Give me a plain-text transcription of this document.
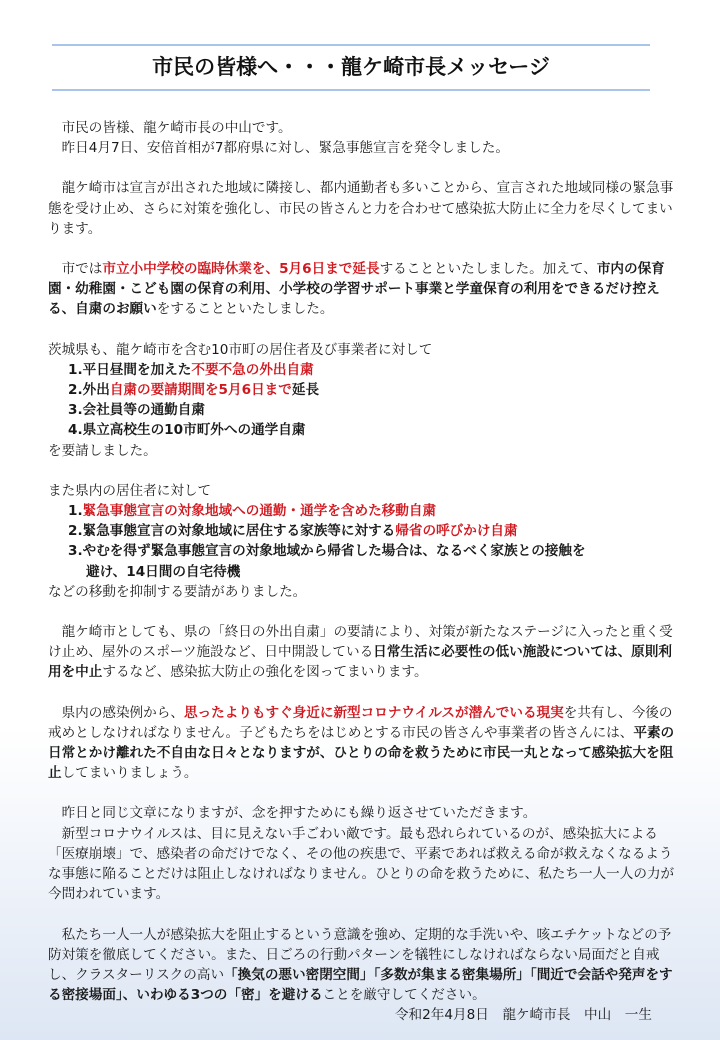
市民の皆様へ・・・龍ケ崎市長メッセージ

　市民の皆様、龍ケ崎市長の中山です。

　昨日4月7日、安倍首相が7都府県に対し、緊急事態宣言を発令しました。

　龍ケ崎市は宣言が出された地域に隣接し、都内通勤者も多いことから、宣言された地域同様の緊急事態を受け止め、さらに対策を強化し、市民の皆さんと力を合わせて感染拡大防止に全力を尽くしてまいります。

　市では市立小中学校の臨時休業を、5月6日まで延長することといたしました。加えて、市内の保育園・幼稚園・こども園の保育の利用、小学校の学習サポート事業と学童保育の利用をできるだけ控える、自粛のお願いをすることといたしました。

茨城県も、龍ケ崎市を含む10市町の居住者及び事業者に対して

1.平日昼間を加えた不要不急の外出自粛

2.外出自粛の要請期間を5月6日まで延長

3.会社員等の通勤自粛

4.県立高校生の10市町外への通学自粛

を要請しました。

また県内の居住者に対して

1.緊急事態宣言の対象地域への通勤・通学を含めた移動自粛

2.緊急事態宣言の対象地域に居住する家族等に対する帰省の呼びかけ自粛

3.やむを得ず緊急事態宣言の対象地域から帰省した場合は、なるべく家族との接触を
避け、14日間の自宅待機

などの移動を抑制する要請がありました。

　龍ケ崎市としても、県の「終日の外出自粛」の要請により、対策が新たなステージに入ったと重く受け止め、屋外のスポーツ施設など、日中開設している日常生活に必要性の低い施設については、原則利用を中止するなど、感染拡大防止の強化を図ってまいります。

　県内の感染例から、思ったよりもすぐ身近に新型コロナウイルスが潜んでいる現実を共有し、今後の戒めとしなければなりません。子どもたちをはじめとする市民の皆さんや事業者の皆さんには、平素の日常とかけ離れた不自由な日々となりますが、ひとりの命を救うために市民一丸となって感染拡大を阻止してまいりましょう。

　昨日と同じ文章になりますが、念を押すためにも繰り返させていただきます。

　新型コロナウイルスは、目に見えない手ごわい敵です。最も恐れられているのが、感染拡大による「医療崩壊」で、感染者の命だけでなく、その他の疾患で、平素であれば救える命が救えなくなるような事態に陥ることだけは阻止しなければなりません。ひとりの命を救うために、私たち一人一人の力が今問われています。

　私たち一人一人が感染拡大を阻止するという意識を強め、定期的な手洗いや、咳エチケットなどの予防対策を徹底してください。また、日ごろの行動パターンを犠牲にしなければならない局面だと自戒し、クラスターリスクの高い「換気の悪い密閉空間」「多数が集まる密集場所」「間近で会話や発声をする密接場面」、いわゆる3つの「密」を避けることを厳守してください。

令和2年4月8日　龍ケ崎市長　中山　一生
